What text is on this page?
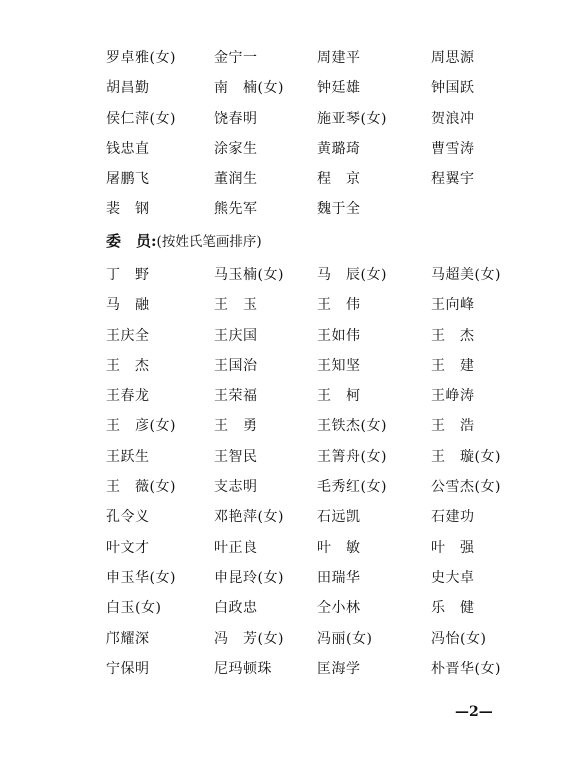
罗卓雅(女)	金宁一	周建平	周思源
胡昌勤	南　楠(女)	钟廷雄	钟国跃
侯仁萍(女)	饶春明	施亚琴(女)	贺浪冲
钱忠直	涂家生	黄璐琦	曹雪涛
屠鹏飞	董润生	程　京	程翼宇
裴　钢	熊先军	魏于全
委　员:(按姓氏笔画排序)
丁　野	马玉楠(女)	马　辰(女)	马超美(女)
马　融	王　玉	王　伟	王向峰
王庆全	王庆国	王如伟	王　杰
王　杰	王国治	王知坚	王　建
王春龙	王荣福	王　柯	王峥涛
王　彦(女)	王　勇	王铁杰(女)	王　浩
王跃生	王智民	王箐舟(女)	王　璇(女)
王　薇(女)	支志明	毛秀红(女)	公雪杰(女)
孔令义	邓艳萍(女)	石远凯	石建功
叶文才	叶正良	叶　敏	叶　强
申玉华(女)	申昆玲(女)	田瑞华	史大卓
白玉(女)	白政忠	仝小林	乐　健
邝耀深	冯　芳(女)	冯丽(女)	冯怡(女)
宁保明	尼玛顿珠	匡海学	朴晋华(女)
—2—
